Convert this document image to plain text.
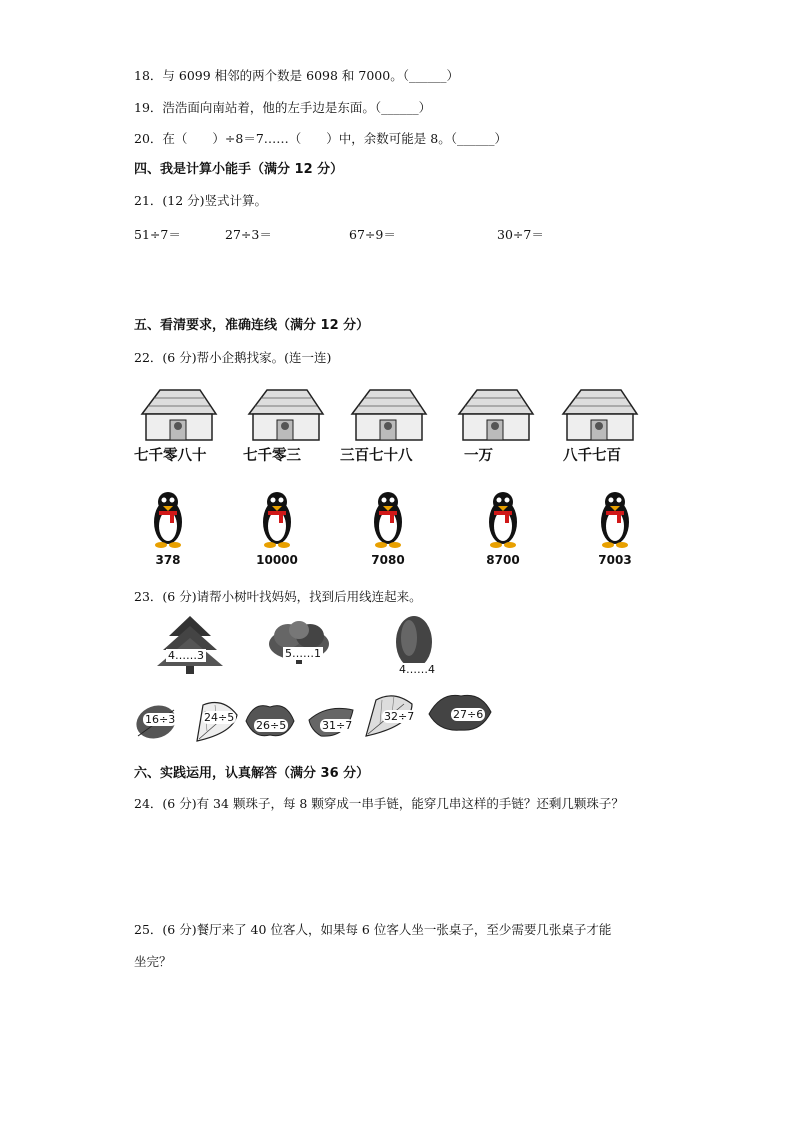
18．与 6099 相邻的两个数是 6098 和 7000。（______）
19．浩浩面向南站着，他的左手边是东面。（______）
20．在（　　）÷8＝7……（　　）中，余数可能是 8。（______）
四、我是计算小能手（满分 12 分）
21．(12 分)竖式计算。
51÷7＝	27÷3＝	67÷9＝	30÷7＝
五、看清要求，准确连线（满分 12 分）
22．(6 分)帮小企鹅找家。(连一连)
七千零八十	七千零三	三百七十八	一万	八千七百
378	10000	7080	8700	7003
23．(6 分)请帮小树叶找妈妈，找到后用线连起来。
4……3	5……1
4……4
16÷3	24÷5
26÷5	31÷7
32÷7	27÷6
六、实践运用，认真解答（满分 36 分）
24．(6 分)有 34 颗珠子，每 8 颗穿成一串手链，能穿几串这样的手链？还剩几颗珠子？
25．(6 分)餐厅来了 40 位客人，如果每 6 位客人坐一张桌子，至少需要几张桌子才能
坐完？
